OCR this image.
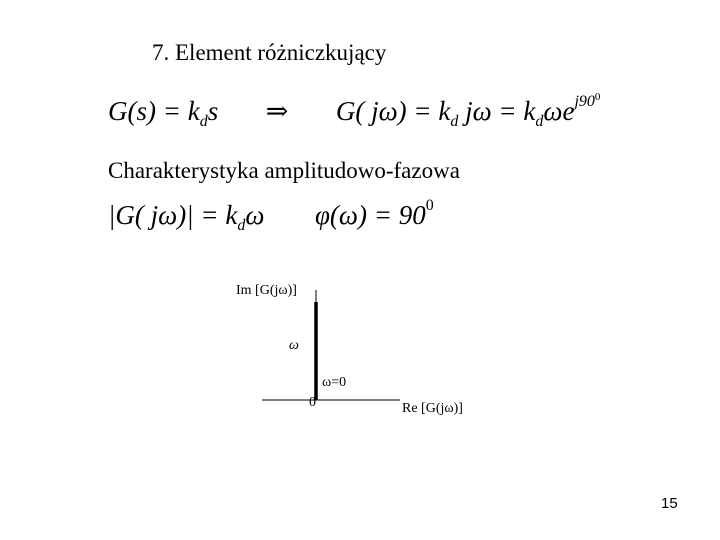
7. Element różniczkujący
$G(s) = k_ds$ ⇒ G( $j\omega) = k_d$ $j\omega = k_d\omega e^{j900}$
Charakterystyka amplitudowo-fazowa
|G( $j\omega)| = k_d\omega$ $\varphi(\omega) = 90^0$
Im [G(jω)]
ω
0
ω=0
Re [G(jω)]
15
